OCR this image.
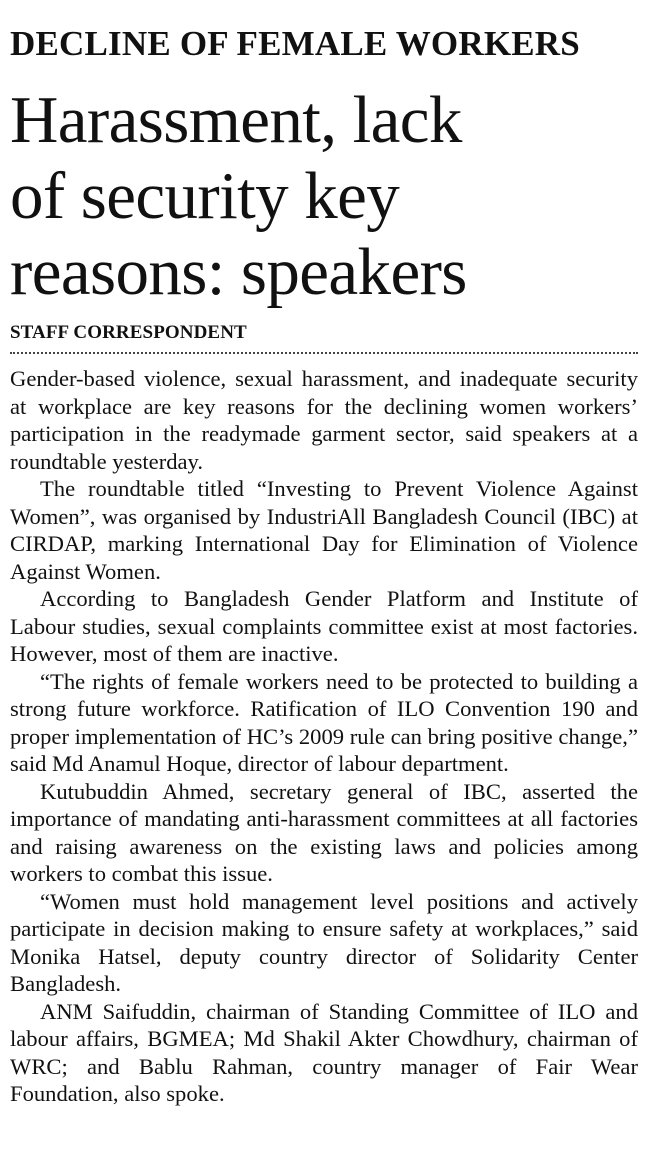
DECLINE OF FEMALE WORKERS
Harassment, lack
of security key
reasons: speakers
STAFF CORRESPONDENT

Gender-based violence, sexual harassment, and inadequate security at workplace are key reasons for the declining women workers’ participation in the readymade garment sector, said speakers at a roundtable yesterday.

The roundtable titled “Investing to Prevent Violence Against Women”, was organised by IndustriAll Bangladesh Council (IBC) at CIRDAP, marking International Day for Elimination of Violence Against Women.

According to Bangladesh Gender Platform and Institute of Labour studies, sexual complaints committee exist at most factories. However, most of them are inactive.

“The rights of female workers need to be protected to building a strong future workforce. Ratification of ILO Convention 190 and proper implementation of HC’s 2009 rule can bring positive change,” said Md Anamul Hoque, director of labour department.

Kutubuddin Ahmed, secretary general of IBC, asserted the importance of mandating anti-harassment committees at all factories and raising awareness on the existing laws and policies among workers to combat this issue.

“Women must hold management level positions and actively participate in decision making to ensure safety at workplaces,” said Monika Hatsel, deputy country director of Solidarity Center Bangladesh.

ANM Saifuddin, chairman of Standing Committee of ILO and labour affairs, BGMEA; Md Shakil Akter Chowdhury, chairman of WRC; and Bablu Rahman, country manager of Fair Wear Foundation, also spoke.
